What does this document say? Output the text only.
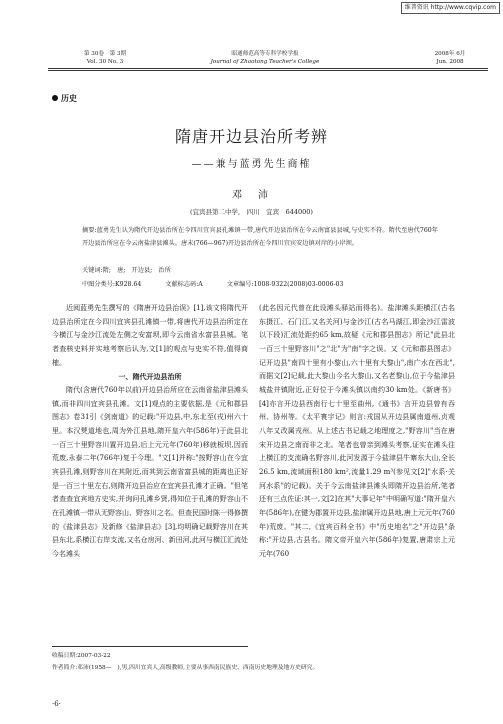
维普资讯 http://www.cqvip.com
第 30卷　第 3期
Vol. 30 No. 3
昭通师范高等专科学校学报
Journal of Zhaotong Teacher's College
2008年 6月
Jun. 2008
历史
隋唐开边县治所考辨
——兼与蓝勇先生商榷
邓　沛
(宜宾县第二中学,　四川　宜宾　644000)
摘要:蓝勇先生认为隋代开边县治所在今四川宜宾县孔滩镇一带,唐代开边县治所在今云南富县县城,与史实不符。隋代至唐代760年开边县治所应在今云南盐津县滩头。唐末(766—967)开边县治所在今四川宜宾安边镇对岸的小岸坝。
关键词:隋;　唐;　开边县;　治所
中图分类号:K928.64	文献标志码:A	文章编号:1008-9322(2008)03-0006-03

近阅蓝勇先生撰写的《隋唐开边县治误》[1],该文将隋代开边县治所定在今四川宜宾县孔滩镇一带,将唐代开边县治所定在今横江与金沙江流处左侧之安富坝,即今云南省水富县县城。笔者查核史料并实地考察后认为,文[1]的观点与史实不符,值得商榷。

一、隋代开边县治所

隋代(含唐代760年以前)开边县治所应在云南省盐津县滩头镇,而非四川宜宾县孔滩。文[1]观点的主要依据,是《元和郡县图志》卷31引《剑南道》的记载:"开边县,中,东北至(戎)州六十里。本汉僰道地也,周为外江县地,隋开皇六年(586年)于此县北一百三十里野容川置开边县,后上元元年(760年)移就板坝,因而荒废,永泰二年(766年)复于今理。"文[1]并称:"按野容山在今宜宾县孔滩,则野容川在其附近,而其到云南省富县城的距离也正好是一百三十里左右,则隋开边县治应在宜宾县孔滩才正确。"但笔者查查宜宾地方史实,并询问孔滩乡贤,得知位于孔滩的野容山不在孔滩镇一带从无野容山、野容川之名。但查民国时陈一得修撰的《盐津县志》及新修《盐津县志》[3],均明确记载野容川在其县东北,系横江右岸支流,又名仓房河、新田河,此河与横江汇流处今名滩头

(此名因元代曾在此设滩头驿站而得名)。盐津滩头距横江(古名东摄江、石门江,又名关河)与金沙江(古名马湖江,即金沙江雷波以下段)汇流处距约65 km,故疑《元和郡县图志》所记"此县北一百三十里野容川"之"北"为"南"字之误。又《元和郡县图志》记开边县"南四十里有小黎山,六十里有大黎山",南广水在西北",而据文[2]记载,此大黎山今名大黎山,又名老黎山,位于今盐津县城盐井镇附近,正好位于今滩头镇以南约30 km处。《新唐书》[4]亦言开边县西南行七十里至曲州,《通书》言开边县曾有吞州、协州等。《太平寰宇记》则言:戎国从开边县属南道州,贞观八年又改属戎州。从上述古书记载之地理度之,"野容川"当在唐宋开边县之南而非之北。笔者也曾亲到滩头考察,证实在滩头往上横江的支流确名野容川,此河发源于今盐津县牛寨东大山,全长26.5 km,流域面积180 km²,流量1.29 m³(参见文[2]"水系·关河水系"的记载)。关于今云南盐津县滩头即隋开边县治所,笔者还有三点佐证:其一,文[2]在其"大事记年"中明确写道:"隋开皇六年(586年),在键为郡置开边县,盐津属开边县地,唐上元元年(760年)荒废。"其二,《宜宾百科全书》中"历史地名"之"开边县"条称:"开边县,古县名。隋文帝开皇六年(586年)复置,唐肃宗上元元年(760

收稿日期:2007-03-22
作者简介:邓沛(1958—　),男,四川宜宾人,高级教师,主要从事西南民族史、西南历史地理及地方史研究。
·6·
